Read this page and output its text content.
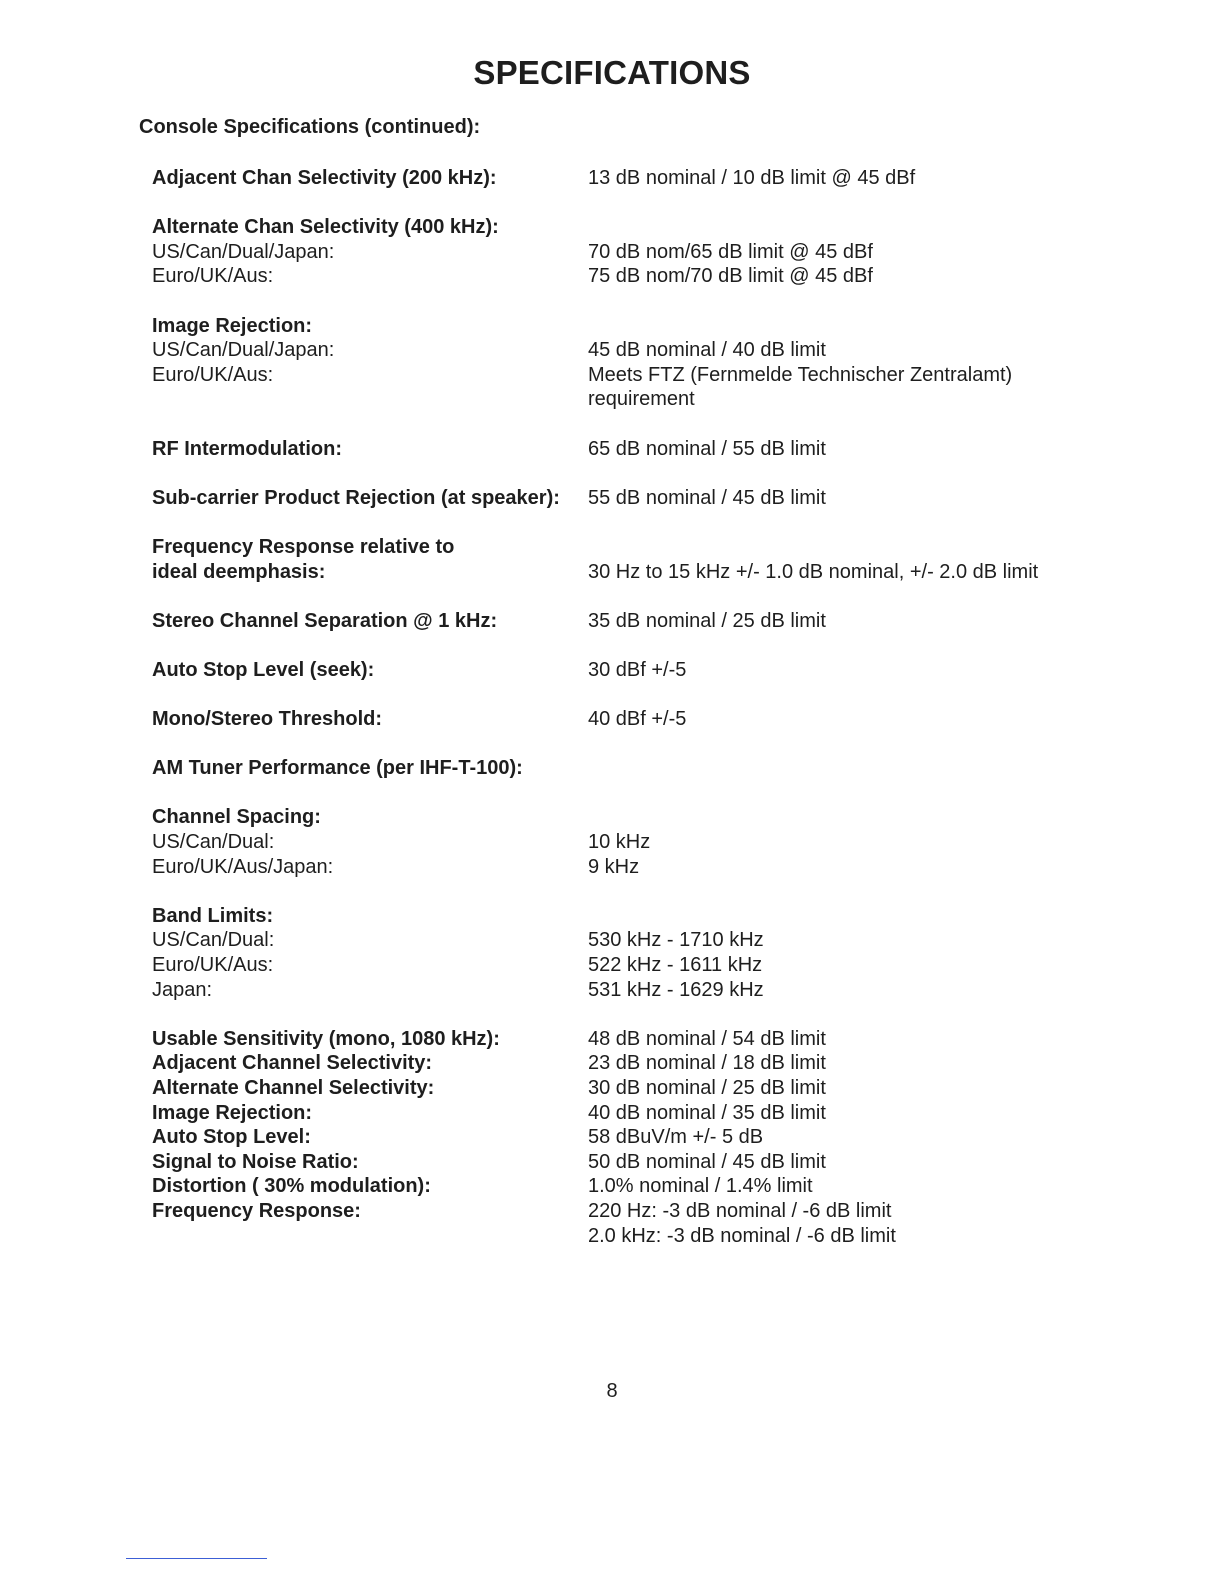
SPECIFICATIONS
Console Specifications (continued):
Adjacent Chan Selectivity (200 kHz):	13 dB nominal / 10 dB limit @ 45 dBf
Alternate Chan Selectivity (400 kHz):
US/Can/Dual/Japan:	70 dB nom/65 dB limit @ 45 dBf
Euro/UK/Aus:	75 dB nom/70 dB limit @ 45 dBf
Image Rejection:
US/Can/Dual/Japan:	45 dB nominal / 40 dB limit
Euro/UK/Aus:	Meets FTZ (Fernmelde Technischer Zentralamt)
requirement
RF Intermodulation:	65 dB nominal / 55 dB limit
Sub-carrier Product Rejection (at speaker):	55 dB nominal / 45 dB limit
Frequency Response relative to
ideal deemphasis:	30 Hz to 15 kHz +/- 1.0 dB nominal, +/- 2.0 dB limit
Stereo Channel Separation @ 1 kHz:	35 dB nominal / 25 dB limit
Auto Stop Level (seek):	30 dBf +/-5
Mono/Stereo Threshold:	40 dBf +/-5
AM Tuner Performance (per IHF-T-100):
Channel Spacing:
US/Can/Dual:	10 kHz
Euro/UK/Aus/Japan:	9 kHz
Band Limits:
US/Can/Dual:	530 kHz - 1710 kHz
Euro/UK/Aus:	522 kHz - 1611 kHz
Japan:	531 kHz - 1629 kHz
Usable Sensitivity (mono, 1080 kHz):	48 dB nominal / 54 dB limit
Adjacent Channel Selectivity:	23 dB nominal / 18 dB limit
Alternate Channel Selectivity:	30 dB nominal / 25 dB limit
Image Rejection:	40 dB nominal / 35 dB limit
Auto Stop Level:	58 dBuV/m +/- 5 dB
Signal to Noise Ratio:	50 dB nominal / 45 dB limit
Distortion ( 30% modulation):	1.0% nominal / 1.4% limit
Frequency Response:	220 Hz: -3 dB nominal / -6 dB limit
2.0 kHz: -3 dB nominal / -6 dB limit
8
